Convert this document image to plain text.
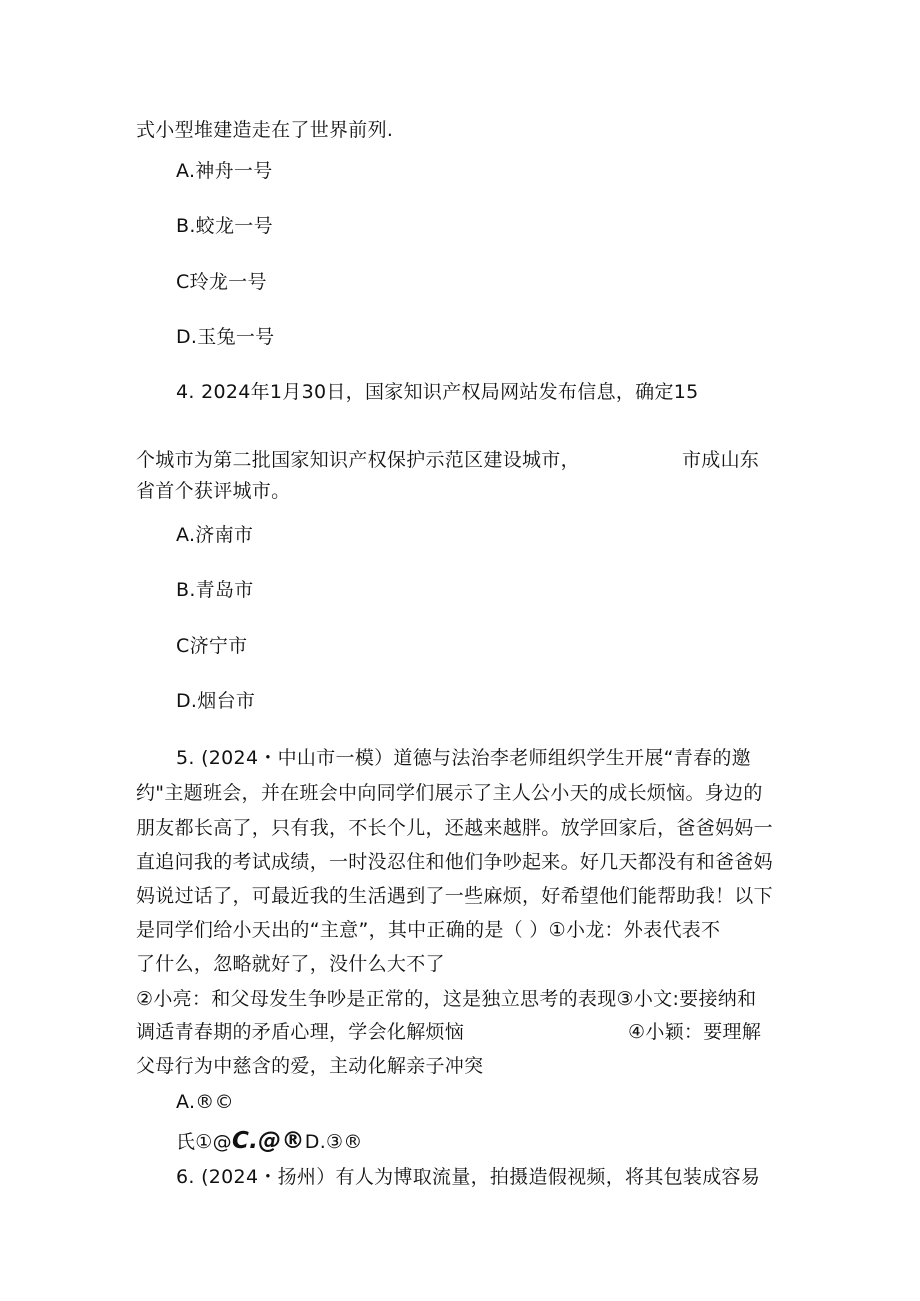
式小型堆建造走在了世界前列.
A.神舟一号
B.蛟龙一号
C玲龙一号
D.玉兔一号
4. 2024年1月30日，国家知识产权局网站发布信息，确定15
个城市为第二批国家知识产权保护示范区建设城市，	市成山东
省首个获评城市。
A.济南市
B.青岛市
C济宁市
D.烟台市
5. (2024・中山市一模）道德与法治李老师组织学生开展“青春的邀
约"主题班会，并在班会中向同学们展示了主人公小天的成长烦恼。身边的
朋友都长高了，只有我，不长个儿，还越来越胖。放学回家后，爸爸妈妈一
直追问我的考试成绩，一时没忍住和他们争吵起来。好几天都没有和爸爸妈
妈说过话了，可最近我的生活遇到了一些麻烦，好希望他们能帮助我！以下
是同学们给小天出的“主意”，其中正确的是（ ）①小龙：外表代表不
了什么，忽略就好了，没什么大不了
②小亮：和父母发生争吵是正常的，这是独立思考的表现③小文:要接纳和
调适青春期的矛盾心理，学会化解烦恼	④小颖：要理解
父母行为中慈含的爱，主动化解亲子冲突
A.®©
氏①@C.@®D.③®
6. (2024・扬州）有人为博取流量，拍摄造假视频，将其包装成容易
